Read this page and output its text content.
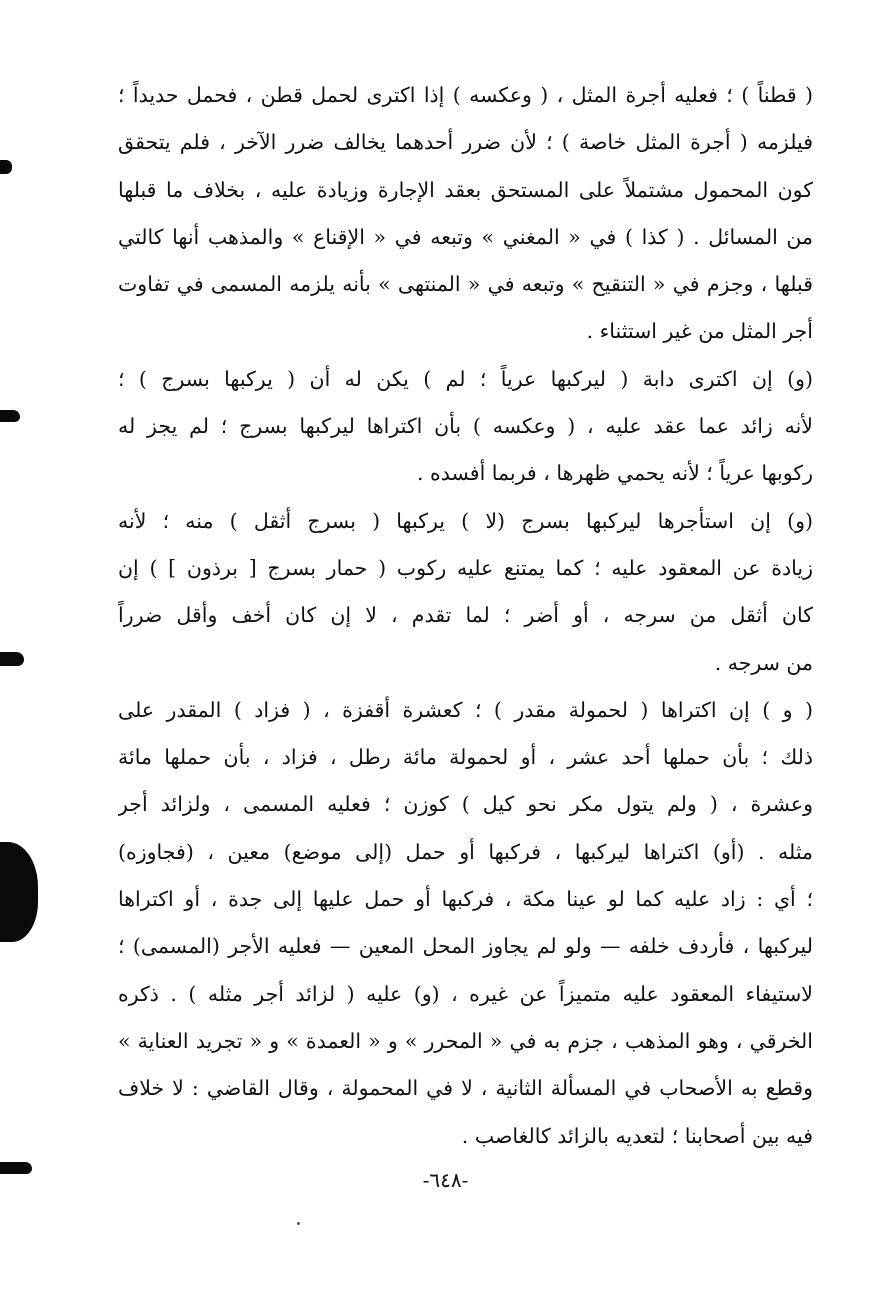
( قطناً ) ؛ فعليه أجرة المثل ، ( وعكسه ) إذا اكترى لحمل قطن ، فحمل حديداً ؛
فيلزمه ( أجرة المثل خاصة ) ؛ لأن ضرر أحدهما يخالف ضرر الآخر ، فلم يتحقق
كون المحمول مشتملاً على المستحق بعقد الإجارة وزيادة عليه ، بخلاف ما قبلها
من المسائل . ( كذا ) في « المغني » وتبعه في « الإقناع » والمذهب أنها كالتي
قبلها ، وجزم في « التنقيح » وتبعه في « المنتهى » بأنه يلزمه المسمى في تفاوت
أجر المثل من غير استثناء .

(و) إن اكترى دابة ( ليركبها عرياً ؛ لم ) يكن له أن ( يركبها بسرج ) ؛
لأنه زائد عما عقد عليه ، ( وعكسه ) بأن اكتراها ليركبها بسرج ؛ لم يجز له
ركوبها عرياً ؛ لأنه يحمي ظهرها ، فربما أفسده .

(و) إن استأجرها ليركبها بسرج (لا ) يركبها ( بسرج أثقل ) منه ؛ لأنه
زيادة عن المعقود عليه ؛ كما يمتنع عليه ركوب ( حمار بسرج [ برذون ] ) إن
كان أثقل من سرجه ، أو أضر ؛ لما تقدم ، لا إن كان أخف وأقل ضرراً
من سرجه .

( و ) إن اكتراها ( لحمولة مقدر ) ؛ كعشرة أقفزة ، ( فزاد ) المقدر على
ذلك ؛ بأن حملها أحد عشر ، أو لحمولة مائة رطل ، فزاد ، بأن حملها مائة
وعشرة ، ( ولم يتول مكر نحو كيل ) كوزن ؛ فعليه المسمى ، ولزائد أجر
مثله . (أو) اكتراها ليركبها ، فركبها أو حمل (إلى موضع) معين ، (فجاوزه)
؛ أي : زاد عليه كما لو عينا مكة ، فركبها أو حمل عليها إلى جدة ، أو اكتراها
ليركبها ، فأردف خلفه — ولو لم يجاوز المحل المعين — فعليه الأجر (المسمى) ؛
لاستيفاء المعقود عليه متميزاً عن غيره ، (و) عليه ( لزائد أجر مثله ) . ذكره
الخرقي ، وهو المذهب ، جزم به في « المحرر » و « العمدة » و « تجريد العناية »
وقطع به الأصحاب في المسألة الثانية ، لا في المحمولة ، وقال القاضي : لا خلاف
فيه بين أصحابنا ؛ لتعديه بالزائد كالغاصب .

-٦٤٨-
